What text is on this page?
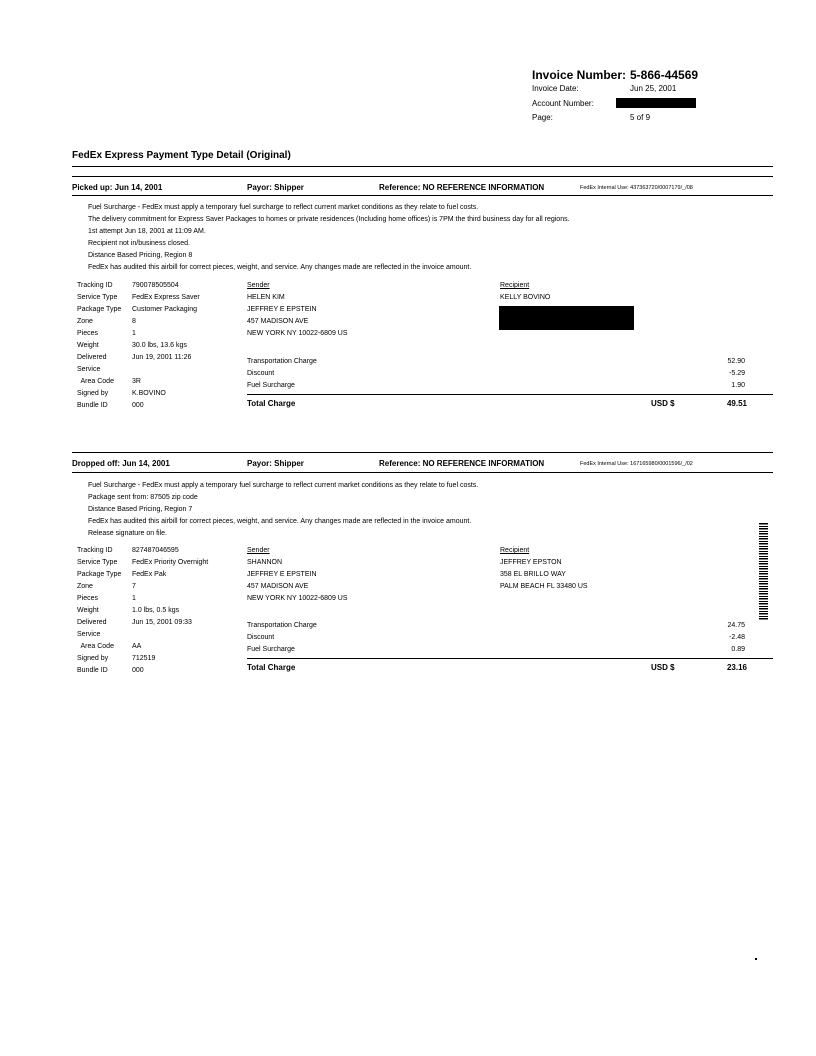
Invoice Number: 5-866-44569
Invoice Date:	Jun 25, 2001
Account Number:
Page:	5 of 9
FedEx Express Payment Type Detail (Original)
Picked up: Jun 14, 2001	Payor: Shipper	Reference: NO REFERENCE INFORMATION	FedEx Internal Use: 437363720/0007179/_/08
Fuel Surcharge - FedEx must apply a temporary fuel surcharge to reflect current market conditions as they relate to fuel costs.
The delivery commitment for Express Saver Packages to homes or private residences (Including home offices) is 7PM the third business day for all regions.
1st attempt Jun 18, 2001 at 11:09 AM.
Recipient not in/business closed.
Distance Based Pricing, Region 8
FedEx has audited this airbill for correct pieces, weight, and service. Any changes made are reflected in the invoice amount.
Tracking ID	790078505504
Service Type FedEx Express Saver
Package Type Customer Packaging
Zone	8
Pieces	1
Weight	30.0 lbs, 13.6 kgs
Delivered	Jun 19, 2001 11:26
Service
Area Code	3R
Signed by	K.BOVINO
Bundle ID	000
Sender
HELEN KIM
JEFFREY E EPSTEIN
457 MADISON AVE
NEW YORK NY 10022-6809 US
Recipient
KELLY BOVINO
Transportation Charge	52.90
Discount	-5.29
Fuel Surcharge	1.90
Total Charge	USD $	49.51
Dropped off: Jun 14, 2001	Payor: Shipper	Reference: NO REFERENCE INFORMATION	FedEx Internal Use: 167165980/0001596/_/02
Fuel Surcharge - FedEx must apply a temporary fuel surcharge to reflect current market conditions as they relate to fuel costs.
Package sent from: 87505 zip code
Distance Based Pricing, Region 7
FedEx has audited this airbill for correct pieces, weight, and service. Any changes made are reflected in the invoice amount.
Release signature on file.
Tracking ID	827487046595
Service Type FedEx Priority Overnight
Package Type FedEx Pak
Zone	7
Pieces	1
Weight	1.0 lbs, 0.5 kgs
Delivered	Jun 15, 2001 09:33
Service
Area Code	AA
Signed by	712519
Bundle ID	000
Sender
SHANNON
JEFFREY E EPSTEIN
457 MADISON AVE
NEW YORK NY 10022-6809 US
Recipient
JEFFREY EPSTON
358 EL BRILLO WAY
PALM BEACH FL 33480 US
Transportation Charge	24.75
Discount	-2.48
Fuel Surcharge	0.89
Total Charge	USD $	23.16
